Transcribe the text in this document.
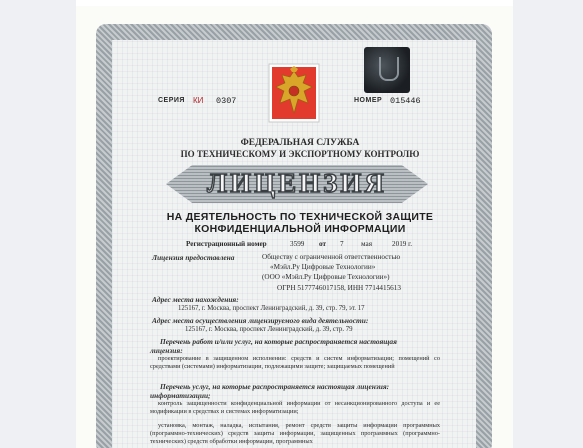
СЕРИЯ КИ 0307	НОМЕР 015446
ФЕДЕРАЛЬНАЯ СЛУЖБА
ПО ТЕХНИЧЕСКОМУ И ЭКСПОРТНОМУ КОНТРОЛЮ
ЛИЦЕНЗИЯ
НА ДЕЯТЕЛЬНОСТЬ ПО ТЕХНИЧЕСКОЙ ЗАЩИТЕ
КОНФИДЕНЦИАЛЬНОЙ ИНФОРМАЦИИ
Регистрационный номер	3599 от 7 мая	2019 г.
Лицензия предоставлена	Обществу с ограниченной ответственностью
«Мэйл.Ру Цифровые Технологии»
(ООО «Мэйл.Ру Цифровые Технологии»)
ОГРН 5177746017158, ИНН 7714415613
Адрес места нахождения:
125167, г. Москва, проспект Ленинградский, д. 39, стр. 79, эт. 17
Адрес места осуществления лицензируемого вида деятельности:
125167, г. Москва, проспект Ленинградский, д. 39, стр. 79
Перечень работ и/или услуг, на которые распространяется настоящая
лицензия:
проектирование в защищенном исполнении: средств и систем информатизации; помещений со средствами (системами) информатизации, подлежащими защите; защищаемых помещений
Перечень услуг, на которые распространяется настоящая лицензия:
информатизации;
контроль защищенности конфиденциальной информации от несанкционированного доступа и ее модификации в средствах и системах информатизации;
установка, монтаж, наладка, испытания, ремонт средств защиты информации программных (программно-технических) средств защиты информации, защищенных программных (программно-технических) средств обработки информации, программных
